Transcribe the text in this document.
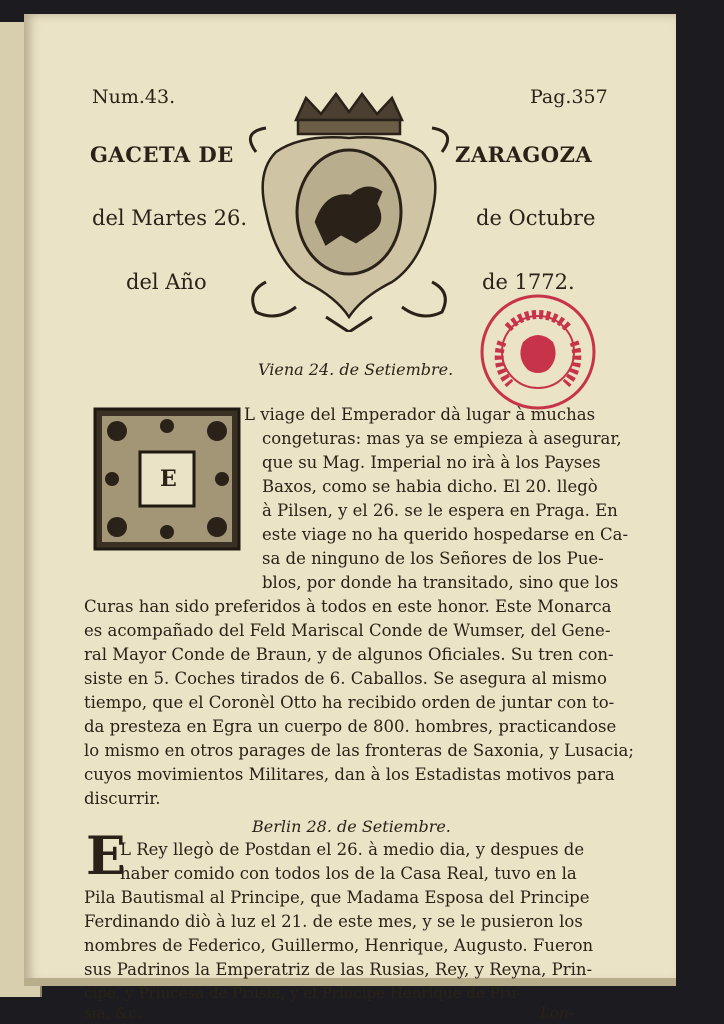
Num.43.	Pag.357
GACETA DE	ZARAGOZA
del Martes 26.	de Octubre
del Año	de 1772.
Viena 24. de Setiembre.
E
L viage del Emperador dà lugar à muchas
congeturas: mas ya se empieza à asegurar,
que su Mag. Imperial no irà à los Payses
Baxos, como se habia dicho. El 20. llegò
à Pilsen, y el 26. se le espera en Praga. En
este viage no ha querido hospedarse en Ca-
sa de ninguno de los Señores de los Pue-
blos, por donde ha transitado, sino que los
Curas han sido preferidos à todos en este honor. Este Monarca
es acompañado del Feld Mariscal Conde de Wumser, del Gene-
ral Mayor Conde de Braun, y de algunos Oficiales. Su tren con-
siste en 5. Coches tirados de 6. Caballos. Se asegura al mismo
tiempo, que el Coronèl Otto ha recibido orden de juntar con to-
da presteza en Egra un cuerpo de 800. hombres, practicandose
lo mismo en otros parages de las fronteras de Saxonia, y Lusacia;
cuyos movimientos Militares, dan à los Estadistas motivos para
discurrir.
Berlin 28. de Setiembre.
E
L Rey llegò de Postdan el 26. à medio dia, y despues de
haber comido con todos los de la Casa Real, tuvo en la
Pila Bautismal al Principe, que Madama Esposa del Principe
Ferdinando diò à luz el 21. de este mes, y se le pusieron los
nombres de Federico, Guillermo, Henrique, Augusto. Fueron
sus Padrinos la Emperatriz de las Rusias, Rey, y Reyna, Prin-
cipe, y Princesa de Prusia, y el Principe Henrique de Pru-
sia, &c.	Lon-
